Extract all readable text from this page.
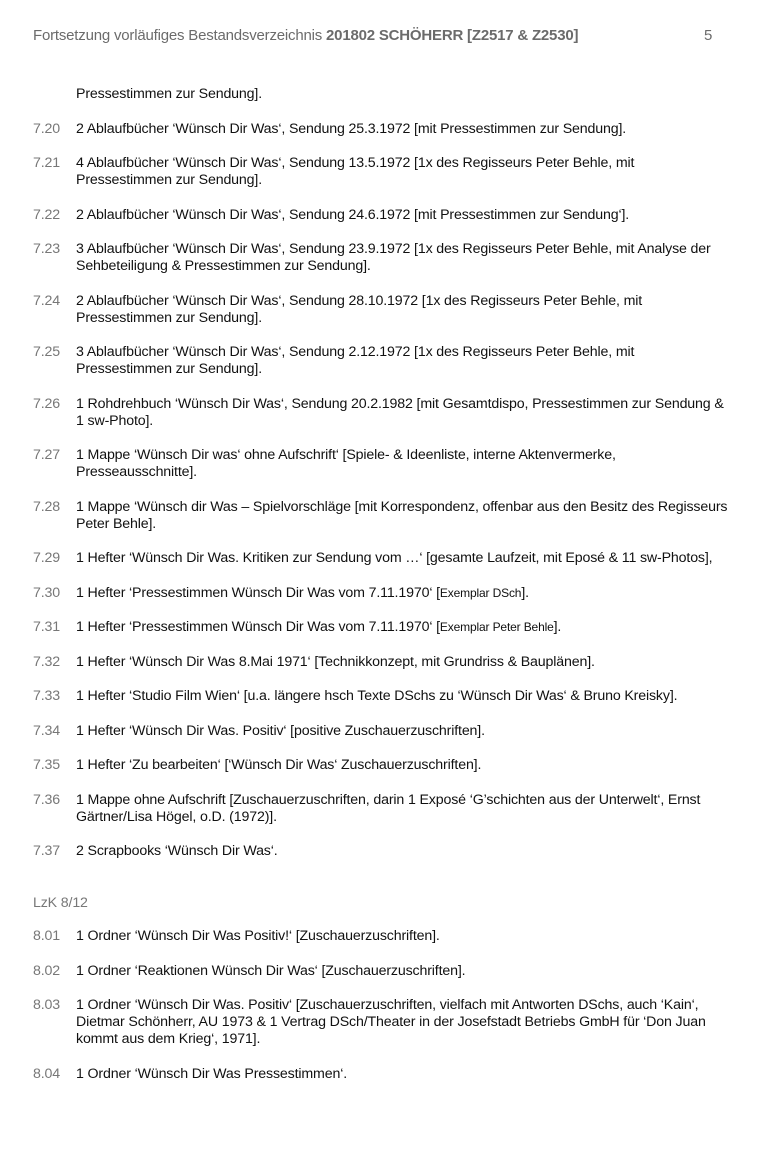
Fortsetzung vorläufiges Bestandsverzeichnis 201802 SCHÖHERR [Z2517 & Z2530]	5
Pressestimmen zur Sendung].
7.20	2 Ablaufbücher ‘Wünsch Dir Was‘, Sendung 25.3.1972 [mit Pressestimmen zur Sendung].
7.21	4 Ablaufbücher ‘Wünsch Dir Was‘, Sendung 13.5.1972 [1x des Regisseurs Peter Behle, mit Pressestimmen zur Sendung].
7.22	2 Ablaufbücher ‘Wünsch Dir Was‘, Sendung 24.6.1972 [mit Pressestimmen zur Sendung‘].
7.23	3 Ablaufbücher ‘Wünsch Dir Was‘, Sendung 23.9.1972 [1x des Regisseurs Peter Behle, mit Analyse der Sehbeteiligung & Pressestimmen zur Sendung].
7.24	2 Ablaufbücher ‘Wünsch Dir Was‘, Sendung 28.10.1972 [1x des Regisseurs Peter Behle, mit Pressestimmen zur Sendung].
7.25	3 Ablaufbücher ‘Wünsch Dir Was‘, Sendung 2.12.1972 [1x des Regisseurs Peter Behle, mit Pressestimmen zur Sendung].
7.26	1 Rohdrehbuch ‘Wünsch Dir Was‘, Sendung 20.2.1982 [mit Gesamtdispo, Pressestimmen zur Sendung & 1 sw-Photo].
7.27	1 Mappe ‘Wünsch Dir was‘ ohne Aufschrift‘ [Spiele- & Ideenliste, interne Aktenvermerke, Presseausschnitte].
7.28	1 Mappe ‘Wünsch dir Was – Spielvorschläge [mit Korrespondenz, offenbar aus den Besitz des Regisseurs Peter Behle].
7.29	1 Hefter ‘Wünsch Dir Was. Kritiken zur Sendung vom …‘ [gesamte Laufzeit, mit Eposé & 11 sw-Photos],
7.30	1 Hefter ‘Pressestimmen Wünsch Dir Was vom 7.11.1970‘ [Exemplar DSch].
7.31	1 Hefter ‘Pressestimmen Wünsch Dir Was vom 7.11.1970‘ [Exemplar Peter Behle].
7.32	1 Hefter ‘Wünsch Dir Was 8.Mai 1971‘ [Technikkonzept, mit Grundriss & Bauplänen].
7.33	1 Hefter ‘Studio Film Wien‘ [u.a. längere hsch Texte DSchs zu ‘Wünsch Dir Was‘ & Bruno Kreisky].
7.34	1 Hefter ‘Wünsch Dir Was. Positiv‘ [positive Zuschauerzuschriften].
7.35	1 Hefter ‘Zu bearbeiten‘ [‘Wünsch Dir Was‘ Zuschauerzuschriften].
7.36	1 Mappe ohne Aufschrift [Zuschauerzuschriften, darin 1 Exposé ‘G’schichten aus der Unterwelt‘, Ernst Gärtner/Lisa Högel, o.D. (1972)].
7.37	2 Scrapbooks ‘Wünsch Dir Was‘.
LzK 8/12
8.01	1 Ordner ‘Wünsch Dir Was Positiv!‘ [Zuschauerzuschriften].
8.02	1 Ordner ‘Reaktionen Wünsch Dir Was‘ [Zuschauerzuschriften].
8.03	1 Ordner ‘Wünsch Dir Was. Positiv‘ [Zuschauerzuschriften, vielfach mit Antworten DSchs, auch ‘Kain‘, Dietmar Schönherr, AU 1973 & 1 Vertrag DSch/Theater in der Josefstadt Betriebs GmbH für ‘Don Juan kommt aus dem Krieg‘, 1971].
8.04	1 Ordner ‘Wünsch Dir Was Pressestimmen‘.
